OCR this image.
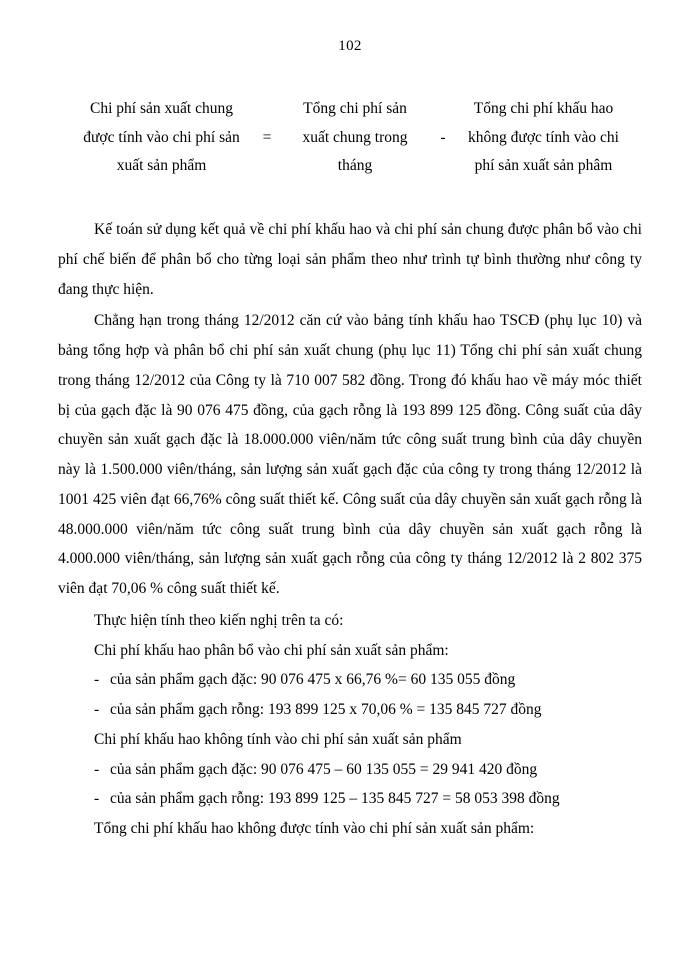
102
Chi phí sản xuất chung
được tính vào chi phí sản
xuất sản phẩm
=
Tổng chi phí sản
xuất chung trong
tháng
-
Tổng chi phí khấu hao
không được tính vào chi
phí sản xuất sản phâm

Kế toán sử dụng kết quả về chi phí khấu hao và chi phí sản chung được phân bổ vào chi phí chế biến để phân bổ cho từng loại sản phẩm theo như trình tự bình thường như công ty đang thực hiện.

Chẳng hạn trong tháng 12/2012 căn cứ vào bảng tính khấu hao TSCĐ (phụ lục 10) và bảng tổng hợp và phân bổ chi phí sản xuất chung (phụ lục 11) Tổng chi phí sản xuất chung trong tháng 12/2012 của Công ty là 710 007 582 đồng. Trong đó khấu hao về máy móc thiết bị của gạch đặc là 90 076 475 đồng, của gạch rỗng là 193 899 125 đồng. Công suất của dây chuyền sản xuất gạch đặc là 18.000.000 viên/năm tức công suất trung bình của dây chuyền này là 1.500.000 viên/tháng, sản lượng sản xuất gạch đặc của công ty trong tháng 12/2012 là 1001 425 viên đạt 66,76% công suất thiết kế. Công suất của dây chuyền sản xuất gạch rỗng là 48.000.000 viên/năm tức công suất trung bình của dây chuyền sản xuất gạch rỗng là 4.000.000 viên/tháng, sản lượng sản xuất gạch rỗng của công ty tháng 12/2012 là 2 802 375 viên đạt 70,06 % công suất thiết kế.

Thực hiện tính theo kiến nghị trên ta có:

Chi phí khấu hao phân bổ vào chi phí sản xuất sản phẩm:

- của sản phẩm gạch đặc: 90 076 475 x 66,76 %= 60 135 055 đồng

- của sản phẩm gạch rỗng: 193 899 125 x 70,06 % = 135 845 727 đồng

Chi phí khấu hao không tính vào chi phí sản xuất sản phẩm

- của sản phẩm gạch đặc: 90 076 475 – 60 135 055 = 29 941 420 đồng

- của sản phẩm gạch rỗng: 193 899 125 – 135 845 727 = 58 053 398 đồng

Tổng chi phí khấu hao không được tính vào chi phí sản xuất sản phẩm:
